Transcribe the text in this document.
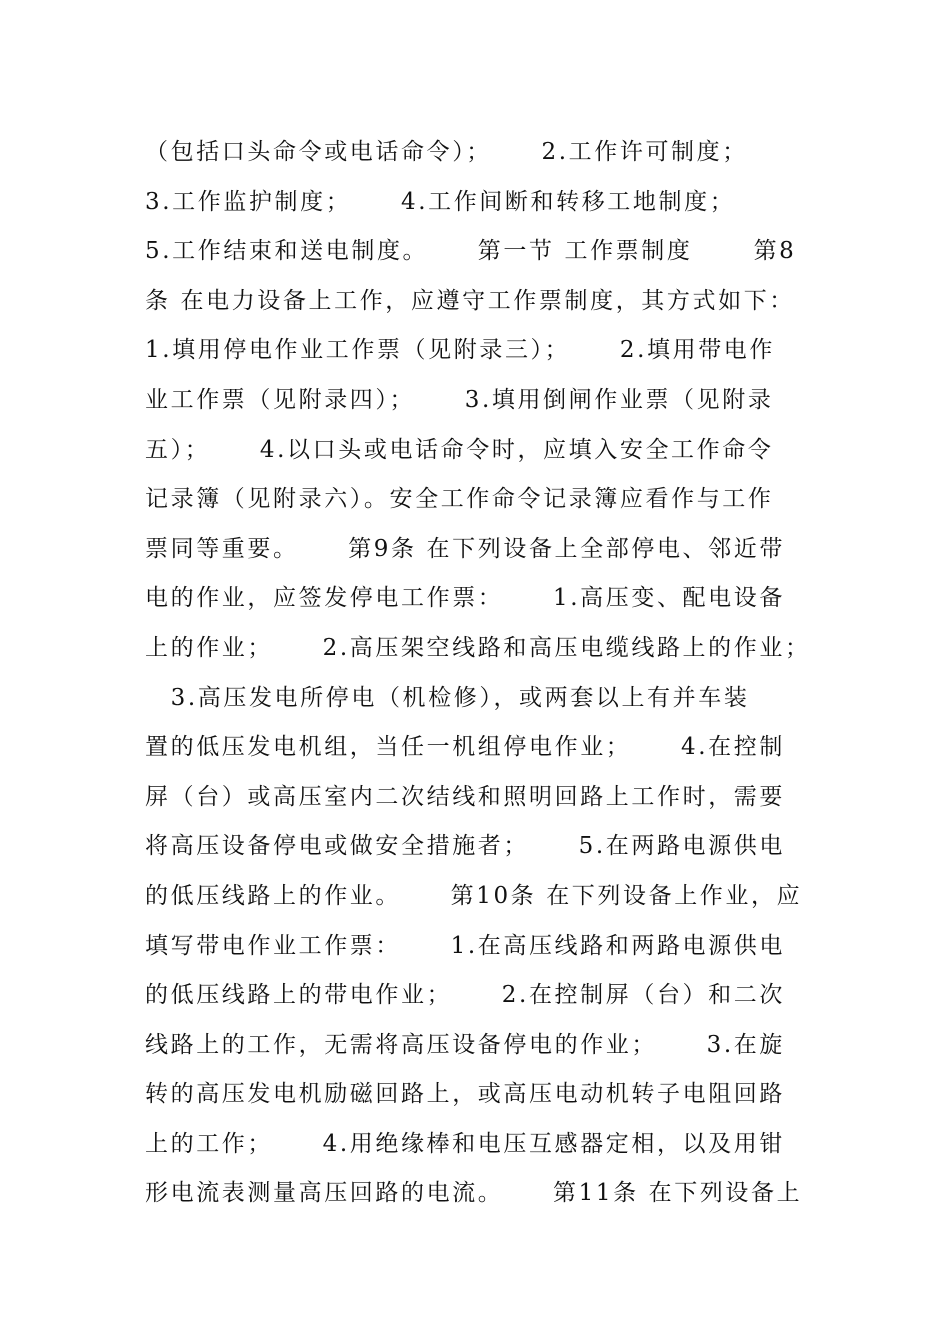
（包括口头命令或电话命令）；　　 2.工作许可制度；
3.工作监护制度；　　 4.工作间断和转移工地制度；
5.工作结束和送电制度。　　 第一节 工作票制度　　 第8
条 在电力设备上工作，应遵守工作票制度，其方式如下：
1.填用停电作业工作票（见附录三）；　　 2.填用带电作
业工作票（见附录四）；　　 3.填用倒闸作业票（见附录
五）；　　 4.以口头或电话命令时，应填入安全工作命令
记录簿（见附录六）。安全工作命令记录簿应看作与工作
票同等重要。　　 第9条 在下列设备上全部停电、邻近带
电的作业，应签发停电工作票：　　 1.高压变、配电设备
上的作业；　　 2.高压架空线路和高压电缆线路上的作业；
　3.高压发电所停电（机检修），或两套以上有并车装
置的低压发电机组，当任一机组停电作业；　　 4.在控制
屏（台）或高压室内二次结线和照明回路上工作时，需要
将高压设备停电或做安全措施者；　　 5.在两路电源供电
的低压线路上的作业。　　 第10条 在下列设备上作业，应
填写带电作业工作票：　　 1.在高压线路和两路电源供电
的低压线路上的带电作业；　　 2.在控制屏（台）和二次
线路上的工作，无需将高压设备停电的作业；　　 3.在旋
转的高压发电机励磁回路上，或高压电动机转子电阻回路
上的工作；　　 4.用绝缘棒和电压互感器定相，以及用钳
形电流表测量高压回路的电流。　　 第11条 在下列设备上
